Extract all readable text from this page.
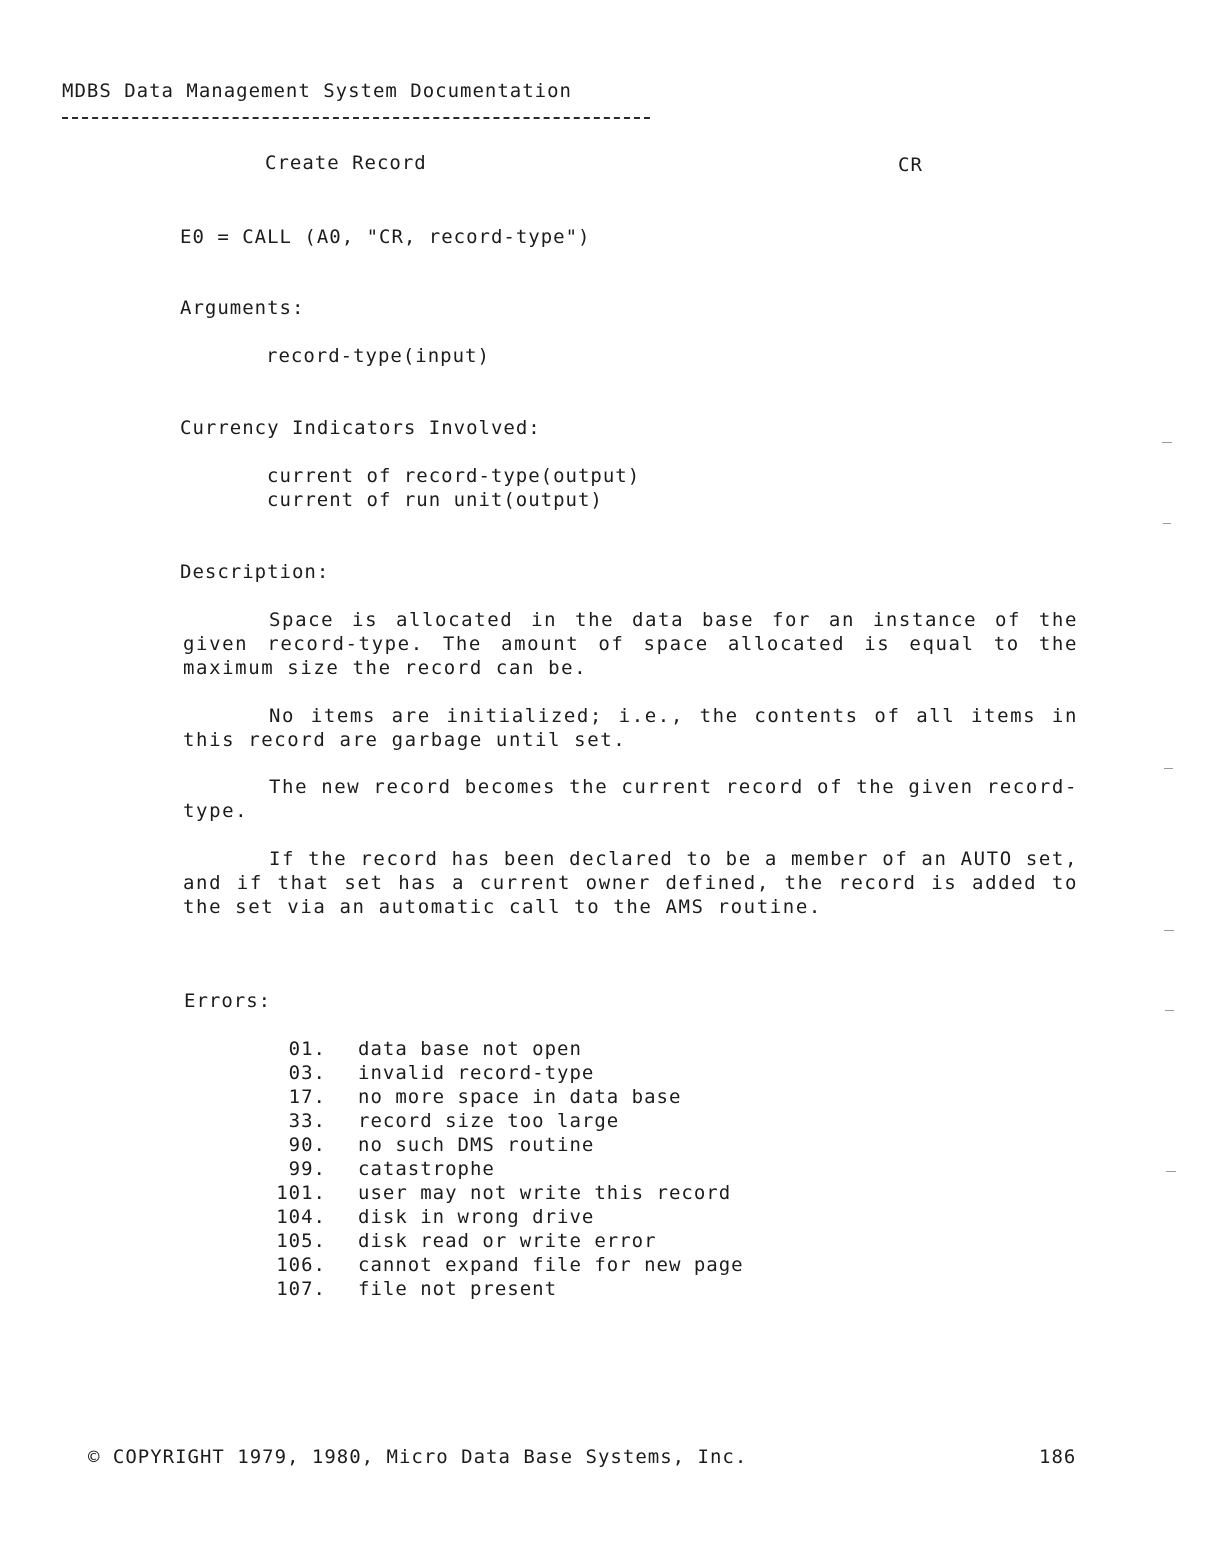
MDBS Data Management System Documentation
Create Record	CR
E0 = CALL (A0, "CR, record-type")
Arguments:
record-type(input)
Currency Indicators Involved:
current of record-type(output)
current of run unit(output)
Description:

Space is allocated in the data base for an instance of the given record-type. The amount of space allocated is equal to the maximum size the record can be.

No items are initialized; i.e., the contents of all items in this record are garbage until set.

The new record becomes the current record of the given record-type.

If the record has been declared to be a member of an AUTO set, and if that set has a current owner defined, the record is added to the set via an automatic call to the AMS routine.

Errors:
01. data base not open
03. invalid record-type
17. no more space in data base
33. record size too large
90. no such DMS routine
99. catastrophe
101. user may not write this record
104. disk in wrong drive
105. disk read or write error
106. cannot expand file for new page
107. file not present
© COPYRIGHT 1979, 1980, Micro Data Base Systems, Inc.	186
